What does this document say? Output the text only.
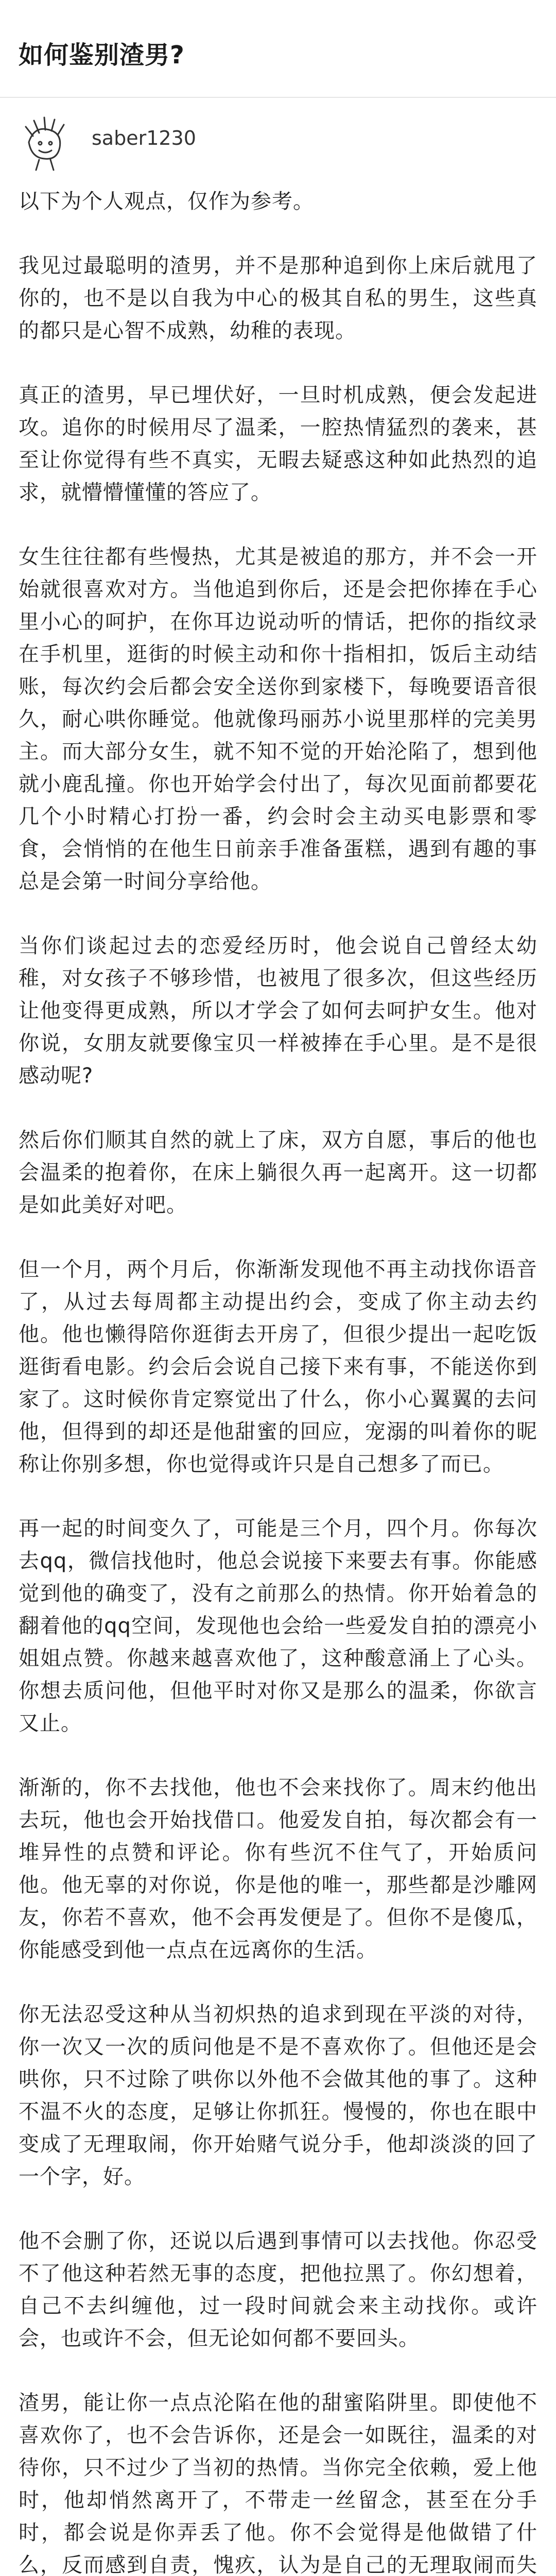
如何鉴别渣男?
saber1230

以下为个人观点，仅作为参考。

我见过最聪明的渣男，并不是那种追到你上床后就甩了你的，也不是以自我为中心的极其自私的男生，这些真的都只是心智不成熟，幼稚的表现。

真正的渣男，早已埋伏好，一旦时机成熟，便会发起进攻。追你的时候用尽了温柔，一腔热情猛烈的袭来，甚至让你觉得有些不真实，无暇去疑惑这种如此热烈的追求，就懵懵懂懂的答应了。

女生往往都有些慢热，尤其是被追的那方，并不会一开始就很喜欢对方。当他追到你后，还是会把你捧在手心里小心的呵护，在你耳边说动听的情话，把你的指纹录在手机里，逛街的时候主动和你十指相扣，饭后主动结账，每次约会后都会安全送你到家楼下，每晚要语音很久，耐心哄你睡觉。他就像玛丽苏小说里那样的完美男主。而大部分女生，就不知不觉的开始沦陷了，想到他就小鹿乱撞。你也开始学会付出了，每次见面前都要花几个小时精心打扮一番，约会时会主动买电影票和零食，会悄悄的在他生日前亲手准备蛋糕，遇到有趣的事总是会第一时间分享给他。

当你们谈起过去的恋爱经历时，他会说自己曾经太幼稚，对女孩子不够珍惜，也被甩了很多次，但这些经历让他变得更成熟，所以才学会了如何去呵护女生。他对你说，女朋友就要像宝贝一样被捧在手心里。是不是很感动呢?

然后你们顺其自然的就上了床，双方自愿，事后的他也会温柔的抱着你，在床上躺很久再一起离开。这一切都是如此美好对吧。

但一个月，两个月后，你渐渐发现他不再主动找你语音了，从过去每周都主动提出约会，变成了你主动去约他。他也懒得陪你逛街去开房了，但很少提出一起吃饭逛街看电影。约会后会说自己接下来有事，不能送你到家了。这时候你肯定察觉出了什么，你小心翼翼的去问他，但得到的却还是他甜蜜的回应，宠溺的叫着你的昵称让你别多想，你也觉得或许只是自己想多了而已。

再一起的时间变久了，可能是三个月，四个月。你每次去qq，微信找他时，他总会说接下来要去有事。你能感觉到他的确变了，没有之前那么的热情。你开始着急的翻着他的qq空间，发现他也会给一些爱发自拍的漂亮小姐姐点赞。你越来越喜欢他了，这种酸意涌上了心头。你想去质问他，但他平时对你又是那么的温柔，你欲言又止。

渐渐的，你不去找他，他也不会来找你了。周末约他出去玩，他也会开始找借口。他爱发自拍，每次都会有一堆异性的点赞和评论。你有些沉不住气了，开始质问他。他无辜的对你说，你是他的唯一，那些都是沙雕网友，你若不喜欢，他不会再发便是了。但你不是傻瓜，你能感受到他一点点在远离你的生活。

你无法忍受这种从当初炽热的追求到现在平淡的对待，你一次又一次的质问他是不是不喜欢你了。但他还是会哄你，只不过除了哄你以外他不会做其他的事了。这种不温不火的态度，足够让你抓狂。慢慢的，你也在眼中变成了无理取闹，你开始赌气说分手，他却淡淡的回了一个字，好。

他不会删了你，还说以后遇到事情可以去找他。你忍受不了他这种若然无事的态度，把他拉黑了。你幻想着，自己不去纠缠他，过一段时间就会来主动找你。或许会，也或许不会，但无论如何都不要回头。

渣男，能让你一点点沦陷在他的甜蜜陷阱里。即使他不喜欢你了，也不会告诉你，还是会一如既往，温柔的对待你，只不过少了当初的热情。当你完全依赖，爱上他时，他却悄然离开了，不带走一丝留念，甚至在分手时，都会说是你弄丢了他。你不会觉得是他做错了什么，反而感到自责，愧疚，认为是自己的无理取闹而失
